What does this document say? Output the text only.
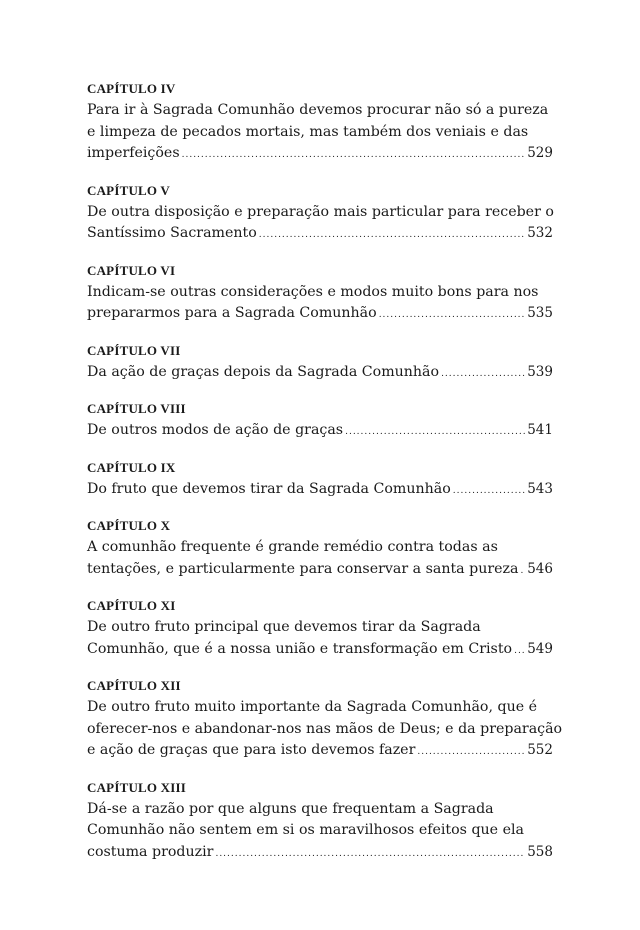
CAPÍTULO IV
Para ir à Sagrada Comunhão devemos procurar não só a pureza
e limpeza de pecados mortais, mas também dos veniais e das
imperfeições .....	529
CAPÍTULO V
De outra disposição e preparação mais particular para receber o
Santíssimo Sacramento .....	532
CAPÍTULO VI
Indicam-se outras considerações e modos muito bons para nos
prepararmos para a Sagrada Comunhão .....	535
CAPÍTULO VII
Da ação de graças depois da Sagrada Comunhão .....	539
CAPÍTULO VIII
De outros modos de ação de graças .....	541
CAPÍTULO IX
Do fruto que devemos tirar da Sagrada Comunhão .....	543
CAPÍTULO X
A comunhão frequente é grande remédio contra todas as
tentações, e particularmente para conservar a santa pureza ..... 546
CAPÍTULO XI
De outro fruto principal que devemos tirar da Sagrada
Comunhão, que é a nossa união e transformação em Cristo ..... 549
CAPÍTULO XII
De outro fruto muito importante da Sagrada Comunhão, que é
oferecer-nos e abandonar-nos nas mãos de Deus; e da preparação
e ação de graças que para isto devemos fazer .....	552
CAPÍTULO XIII
Dá-se a razão por que alguns que frequentam a Sagrada
Comunhão não sentem em si os maravilhosos efeitos que ela
costuma produzir .....	558
